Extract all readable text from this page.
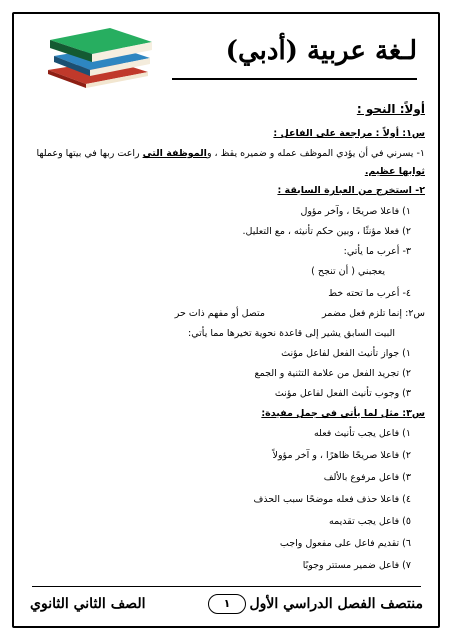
لـغة عربية (أدبي)
أولاً: النحو :
س١: أولاً : مراجعة على الفاعل :
١- يسرني في أن يؤدي الموظف عمله و ضميره يقظ ، والموظفة التي راعت ربها في بيتها وعملها
ثوابها عظيم.
٢- استخرج من العبارة السابقة :
١) فاعلا صريحًا ، وآخر مؤول
٢) فعلا مؤنثًا ، وبين حكم تأنيثه ، مع التعليل.
٣- أعرب ما يأتي:
يعجبني ( أن تنجح )
٤- أعرب ما تحته خط
س٢: إنما تلزم فعل مضمر
متصل أو مفهم ذات حر
البيت السابق يشير إلى قاعدة نحوية تخيرها مما يأتي:
١) جواز تأنيث الفعل لفاعل مؤنث
٢) تجريد الفعل من علامة التثنية و الجمع
٣) وجوب تأنيث الفعل لفاعل مؤنث
س٣: مثل لما يأتي في جمل مفيدة:
١) فاعل يجب تأنيث فعله
٢) فاعلا صريحًا ظاهرًا ، و آخر مؤولاً
٣) فاعل مرفوع بالألف
٤) فاعلا حذف فعله موضحًا سبب الحذف
٥) فاعل يجب تقديمه
٦) تقديم فاعل على مفعول واجب
٧) فاعل ضمير مستتر وجوبًا
منتصف الفصل الدراسي الأول
١
الصف الثاني الثانوي
